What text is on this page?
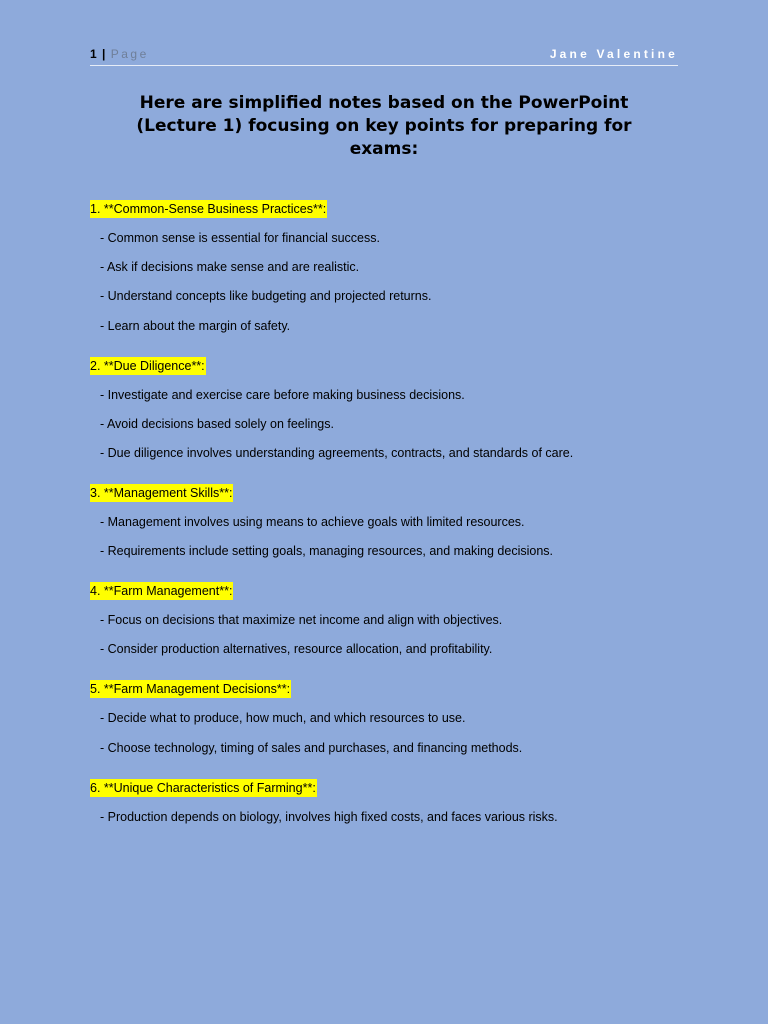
1 | Page	Jane Valentine
Here are simplified notes based on the PowerPoint (Lecture 1) focusing on key points for preparing for exams:
1. **Common-Sense Business Practices**:
- Common sense is essential for financial success.
- Ask if decisions make sense and are realistic.
- Understand concepts like budgeting and projected returns.
- Learn about the margin of safety.
2. **Due Diligence**:
- Investigate and exercise care before making business decisions.
- Avoid decisions based solely on feelings.
- Due diligence involves understanding agreements, contracts, and standards of care.
3. **Management Skills**:
- Management involves using means to achieve goals with limited resources.
- Requirements include setting goals, managing resources, and making decisions.
4. **Farm Management**:
- Focus on decisions that maximize net income and align with objectives.
- Consider production alternatives, resource allocation, and profitability.
5. **Farm Management Decisions**:
- Decide what to produce, how much, and which resources to use.
- Choose technology, timing of sales and purchases, and financing methods.
6. **Unique Characteristics of Farming**:
- Production depends on biology, involves high fixed costs, and faces various risks.
